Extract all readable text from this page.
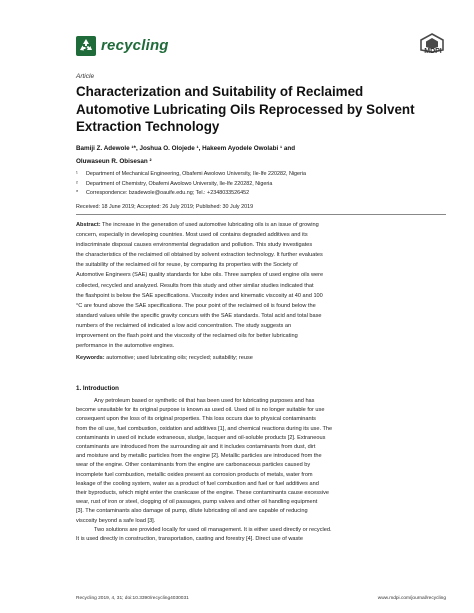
recycling	MDPI
Article
Characterization and Suitability of Reclaimed
Automotive Lubricating Oils Reprocessed by Solvent
Extraction Technology
Bamiji Z. Adewole ¹*, Joshua O. Olojede ¹, Hakeem Ayodele Owolabi ¹ and
Oluwaseun R. Obisesan ²
¹	Department of Mechanical Engineering, Obafemi Awolowo University, Ile-Ife 220282, Nigeria
²	Department of Chemistry, Obafemi Awolowo University, Ile-Ife 220282, Nigeria
*	Correspondence: bzadewole@oauife.edu.ng; Tel.: +2348033526452
Received: 18 June 2019; Accepted: 26 July 2019; Published: 30 July 2019
Abstract: The increase in the generation of used automotive lubricating oils is an issue of growing
concern, especially in developing countries. Most used oil contains degraded additives and its
indiscriminate disposal causes environmental degradation and pollution. This study investigates
the characteristics of the reclaimed oil obtained by solvent extraction technology. It further evaluates
the suitability of the reclaimed oil for reuse, by comparing its properties with the Society of
Automotive Engineers (SAE) quality standards for lube oils. Three samples of used engine oils were
collected, recycled and analyzed. Results from this study and other similar studies indicated that
the flashpoint is below the SAE specifications. Viscosity index and kinematic viscosity at 40 and 100
°C are found above the SAE specifications. The pour point of the reclaimed oil is found below the
standard values while the specific gravity concurs with the SAE standards. Total acid and total base
numbers of the reclaimed oil indicated a low acid concentration. The study suggests an
improvement on the flash point and the viscosity of the reclaimed oils for better lubricating
performance in the automotive engines.
Keywords: automotive; used lubricating oils; recycled; suitability; reuse
1. Introduction
Any petroleum based or synthetic oil that has been used for lubricating purposes and has
become unsuitable for its original purpose is known as used oil. Used oil is no longer suitable for use
consequent upon the loss of its original properties. This loss occurs due to physical contaminants
from the oil use, fuel combustion, oxidation and additives [1], and chemical reactions during its use. The
contaminants in used oil include extraneous, sludge, lacquer and oil-soluble products [2]. Extraneous
contaminants are introduced from the surrounding air and it includes contaminants from dust, dirt
and moisture and by metallic particles from the engine [2]. Metallic particles are introduced from the
wear of the engine. Other contaminants from the engine are carbonaceous particles caused by
incomplete fuel combustion, metallic oxides present as corrosion products of metals, water from
leakage of the cooling system, water as a product of fuel combustion and fuel or fuel additives and
their byproducts, which might enter the crankcase of the engine. These contaminants cause excessive
wear, rust of iron or steel, clogging of oil passages, pump valves and other oil handling equipment
[3]. The contaminants also damage oil pump, dilute lubricating oil and are capable of reducing
viscosity beyond a safe load [3].
Two solutions are provided locally for used oil management. It is either used directly or recycled.
It is used directly in construction, transportation, casting and forestry [4]. Direct use of waste
Recycling 2019, 4, 31; doi:10.3390/recycling4030031	www.mdpi.com/journal/recycling
